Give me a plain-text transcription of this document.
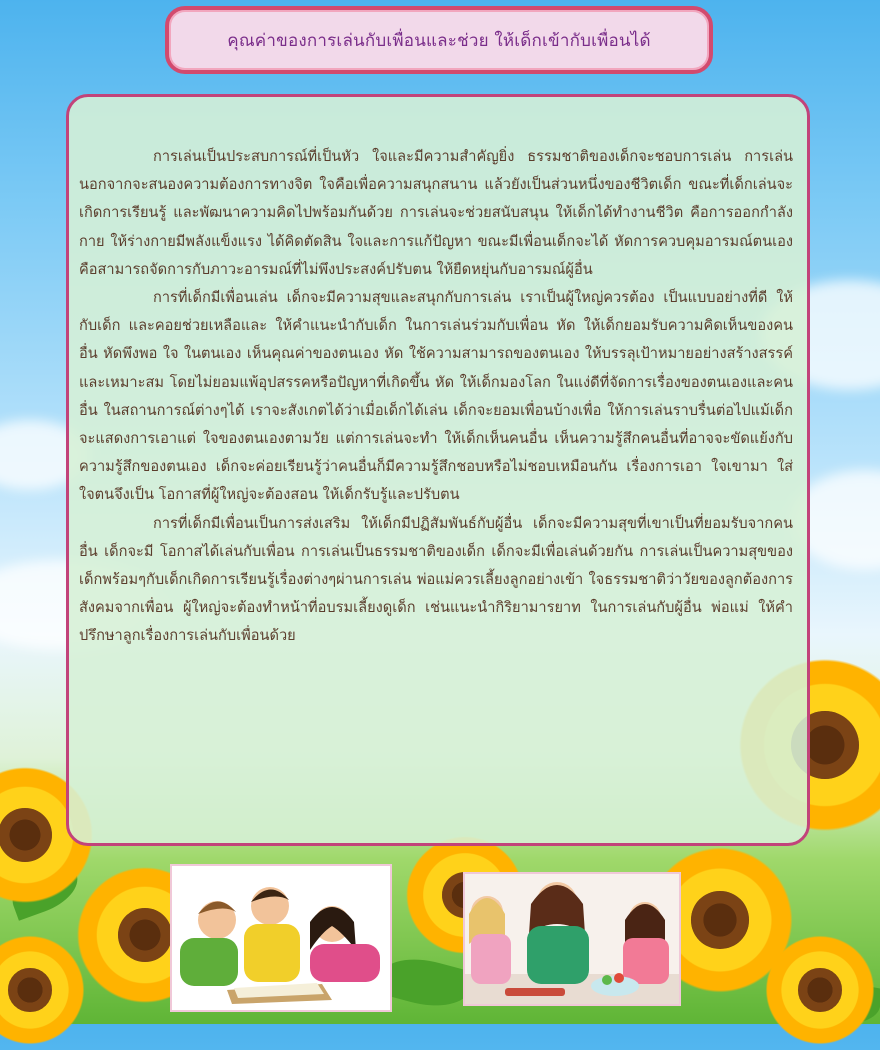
คุณค่าของการเล่นกับเพื่อนและช่วย ให้เด็กเข้ากับเพื่อนได้

การเล่นเป็นประสบการณ์ที่เป็นหัว ใจและมีความสำคัญยิ่ง ธรรมชาติของเด็กจะชอบการเล่น การเล่นนอกจากจะสนองความต้องการทางจิต ใจคือเพื่อความสนุกสนาน แล้วยังเป็นส่วนหนึ่งของชีวิตเด็ก ขณะที่เด็กเล่นจะเกิดการเรียนรู้ และพัฒนาความคิดไปพร้อมกันด้วย การเล่นจะช่วยสนับสนุน ให้เด็กได้ทำงานชีวิต คือการออกกำลังกาย ให้ร่างกายมีพลังแข็งแรง ได้คิดตัดสิน ใจและการแก้ปัญหา ขณะมีเพื่อนเด็กจะได้ หัดการควบคุมอารมณ์ตนเอง คือสามารถจัดการกับภาวะอารมณ์ที่ไม่พึงประสงค์ปรับตน ให้ยืดหยุ่นกับอารมณ์ผู้อื่น

การที่เด็กมีเพื่อนเล่น เด็กจะมีความสุขและสนุกกับการเล่น เราเป็นผู้ใหญ่ควรต้อง เป็นแบบอย่างที่ดี ให้กับเด็ก และคอยช่วยเหลือและ ให้คำแนะนำกับเด็ก ในการเล่นร่วมกับเพื่อน หัด ให้เด็กยอมรับความคิดเห็นของคนอื่น หัดพึงพอ ใจ ในตนเอง เห็นคุณค่าของตนเอง หัด ใช้ความสามารถของตนเอง ให้บรรลุเป้าหมายอย่างสร้างสรรค์และเหมาะสม โดยไม่ยอมแพ้อุปสรรคหรือปัญหาที่เกิดขึ้น หัด ให้เด็กมองโลก ในแง่ดีที่จัดการเรื่องของตนเองและคนอื่น ในสถานการณ์ต่างๆได้ เราจะสังเกตได้ว่าเมื่อเด็กได้เล่น เด็กจะยอมเพื่อนบ้างเพื่อ ให้การเล่นราบรื่นต่อไปแม้เด็กจะแสดงการเอาแต่ ใจของตนเองตามวัย แต่การเล่นจะทำ ให้เด็กเห็นคนอื่น เห็นความรู้สึกคนอื่นที่อาจจะขัดแย้งกับความรู้สึกของตนเอง เด็กจะค่อยเรียนรู้ว่าคนอื่นก็มีความรู้สึกชอบหรือไม่ชอบเหมือนกัน เรื่องการเอา ใจเขามา ใส่ ใจตนจึงเป็น โอกาสที่ผู้ใหญ่จะต้องสอน ให้เด็กรับรู้และปรับตน

การที่เด็กมีเพื่อนเป็นการส่งเสริม ให้เด็กมีปฏิสัมพันธ์กับผู้อื่น เด็กจะมีความสุขที่เขาเป็นที่ยอมรับจากคนอื่น เด็กจะมี โอกาสได้เล่นกับเพื่อน การเล่นเป็นธรรมชาติของเด็ก เด็กจะมีเพื่อเล่นด้วยกัน การเล่นเป็นความสุขของเด็กพร้อมๆกับเด็กเกิดการเรียนรู้เรื่องต่างๆผ่านการเล่น พ่อแม่ควรเลี้ยงลูกอย่างเข้า ใจธรรมชาติว่าวัยของลูกต้องการสังคมจากเพื่อน ผู้ใหญ่จะต้องทำหน้าที่อบรมเลี้ยงดูเด็ก เช่นแนะนำกิริยามารยาท ในการเล่นกับผู้อื่น พ่อแม่ ให้คำปรึกษาลูกเรื่องการเล่นกับเพื่อนด้วย
